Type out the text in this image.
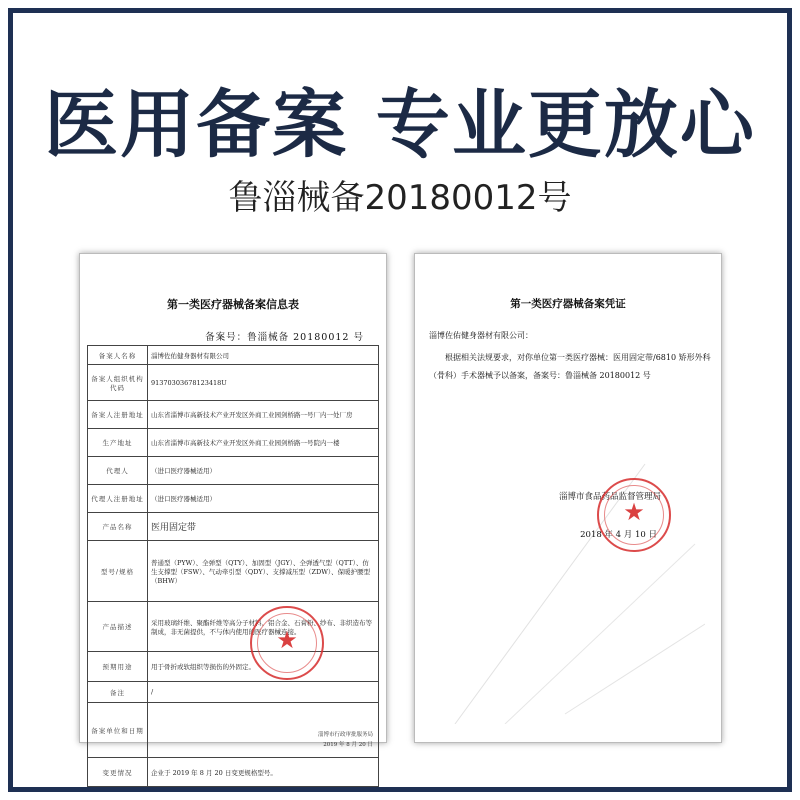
医用备案 专业更放心
鲁淄械备20180012号
第一类医疗器械备案信息表
备案号：鲁淄械备 20180012 号
备案人名称	淄博佐佑健身器材有限公司
备案人组织机构代码	91370303678123418U
备案人注册地址	山东省淄博市高新技术产业开发区外商工业园剑桥路一号厂内一处厂房
生产地址	山东省淄博市高新技术产业开发区外商工业园剑桥路一号院内一楼
代理人	（进口医疗器械适用）
代理人注册地址	（进口医疗器械适用）
产品名称	医用固定带
型号/规格	普通型（PYW）、全弹型（QTY）、加固型（JGY）、全弹透气型（QTT）、仿生支撑型（FSW）、气动牵引型（QDY）、支撑减压型（ZDW）、保暖护腰型（BHW）
产品描述	采用玻璃纤维、聚酯纤维等高分子材料、铝合金、石膏粉、纱布、非织造布等制成，非无菌提供，不与体内使用的医疗器械连接。
预期用途	用于骨折或软组织等损伤的外固定。
备注	/
备案单位和日期	淄博市行政审批服务局
2019 年 8 月 20 日

变更情况	企业于 2019 年 8 月 20 日变更规格型号。
★
第一类医疗器械备案凭证
淄博佐佑健身器材有限公司：
根据相关法规要求，对你单位第一类医疗器械：医用固定带/6810 矫形外科（骨科）手术器械予以备案，备案号：鲁淄械备 20180012 号
淄博市食品药品监督管理局
2018 年 4 月 10 日
★
